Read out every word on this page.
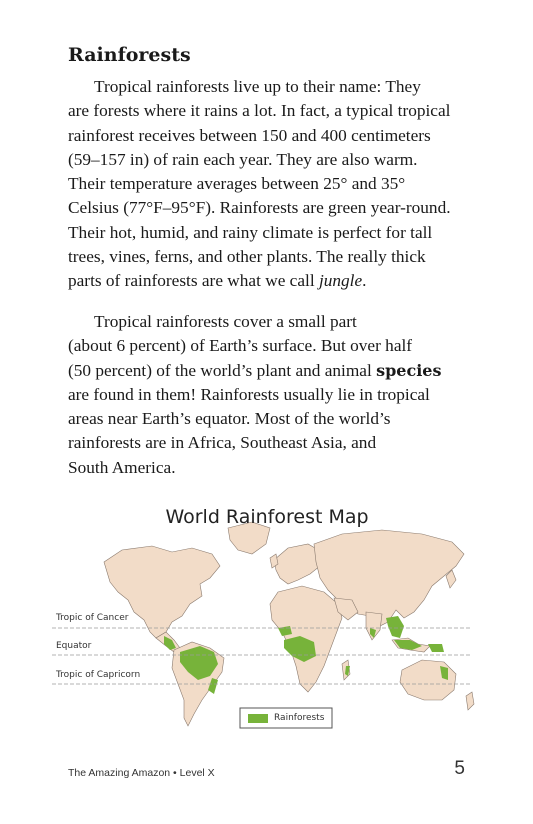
Rainforests

Tropical rainforests live up to their name: They
are forests where it rains a lot. In fact, a typical tropical
rainforest receives between 150 and 400 centimeters
(59–157 in) of rain each year. They are also warm.
Their temperature averages between 25° and 35°
Celsius (77°F–95°F). Rainforests are green year-round.
Their hot, humid, and rainy climate is perfect for tall
trees, vines, ferns, and other plants. The really thick
parts of rainforests are what we call jungle.

Tropical rainforests cover a small part
(about 6 percent) of Earth’s surface. But over half
(50 percent) of the world’s plant and animal species
are found in them! Rainforests usually lie in tropical
areas near Earth’s equator. Most of the world’s
rainforests are in Africa, Southeast Asia, and
South America.

World Rainforest Map
Tropic of Cancer
Equator
Tropic of Capricorn
Rainforests
The Amazing Amazon • Level X	5
